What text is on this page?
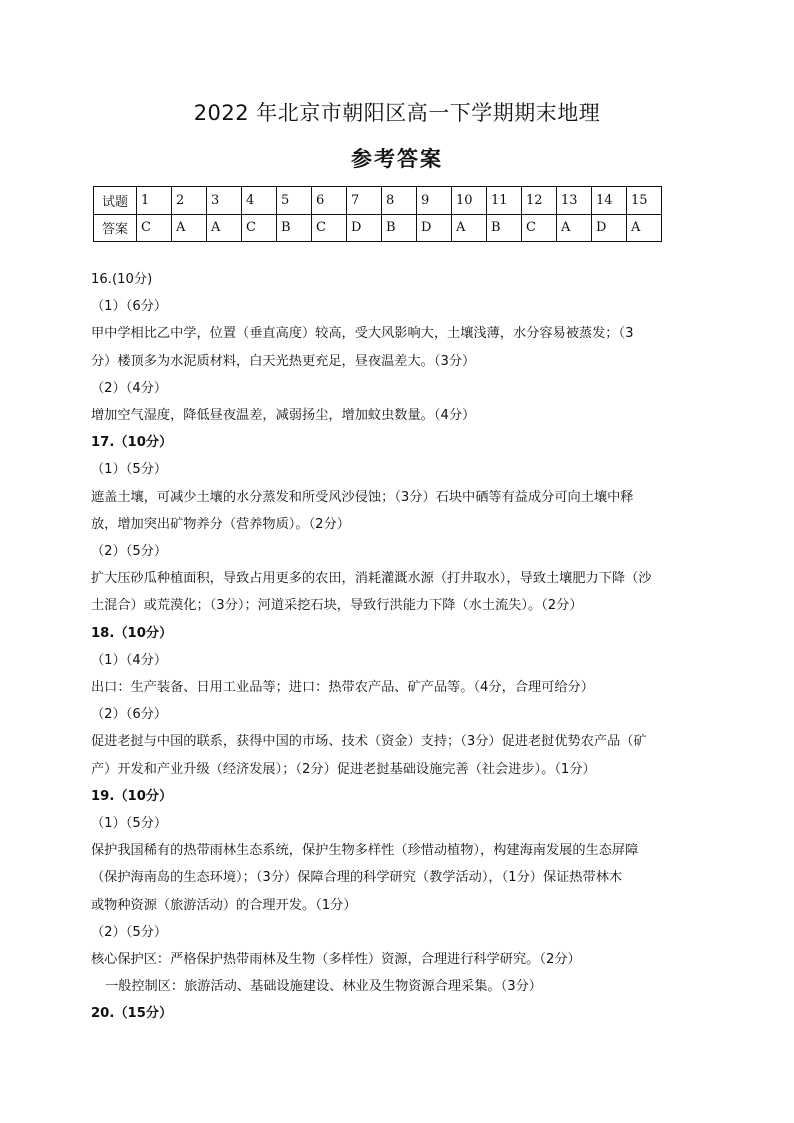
2022 年北京市朝阳区高一下学期期末地理
参考答案
试题	1	2	3	4	5	6	7	8	9	10	11	12	13	14	15
答案	C	A	A	C	B	C	D	B	D	A	B	C	A	D	A

16.(10分)

（1）（6分）

甲中学相比乙中学，位置（垂直高度）较高，受大风影响大，土壤浅薄，水分容易被蒸发；（3

分）楼顶多为水泥质材料，白天光热更充足，昼夜温差大。（3分）

（2）（4分）

增加空气湿度，降低昼夜温差，减弱扬尘，增加蚊虫数量。（4分）

17.（10分）

（1）（5分）

遮盖土壤，可减少土壤的水分蒸发和所受风沙侵蚀；（3分）石块中硒等有益成分可向土壤中释

放，增加突出矿物养分（营养物质）。（2分）

（2）（5分）

扩大压砂瓜种植面积，导致占用更多的农田，消耗灌溉水源（打井取水），导致土壤肥力下降（沙

土混合）或荒漠化；（3分）；河道采挖石块，导致行洪能力下降（水土流失）。（2分）

18.（10分）

（1）（4分）

出口：生产装备、日用工业品等；进口：热带农产品、矿产品等。（4分，合理可给分）

（2）（6分）

促进老挝与中国的联系，获得中国的市场、技术（资金）支持；（3分）促进老挝优势农产品（矿

产）开发和产业升级（经济发展）；（2分）促进老挝基础设施完善（社会进步）。（1分）

19.（10分）

（1）（5分）

保护我国稀有的热带雨林生态系统，保护生物多样性（珍惜动植物），构建海南发展的生态屏障

（保护海南岛的生态环境）；（3分）保障合理的科学研究（教学活动），（1分）保证热带林木

或物种资源（旅游活动）的合理开发。（1分）

（2）（5分）

核心保护区：严格保护热带雨林及生物（多样性）资源，合理进行科学研究。（2分）

一般控制区：旅游活动、基础设施建设、林业及生物资源合理采集。（3分）

20.（15分）
